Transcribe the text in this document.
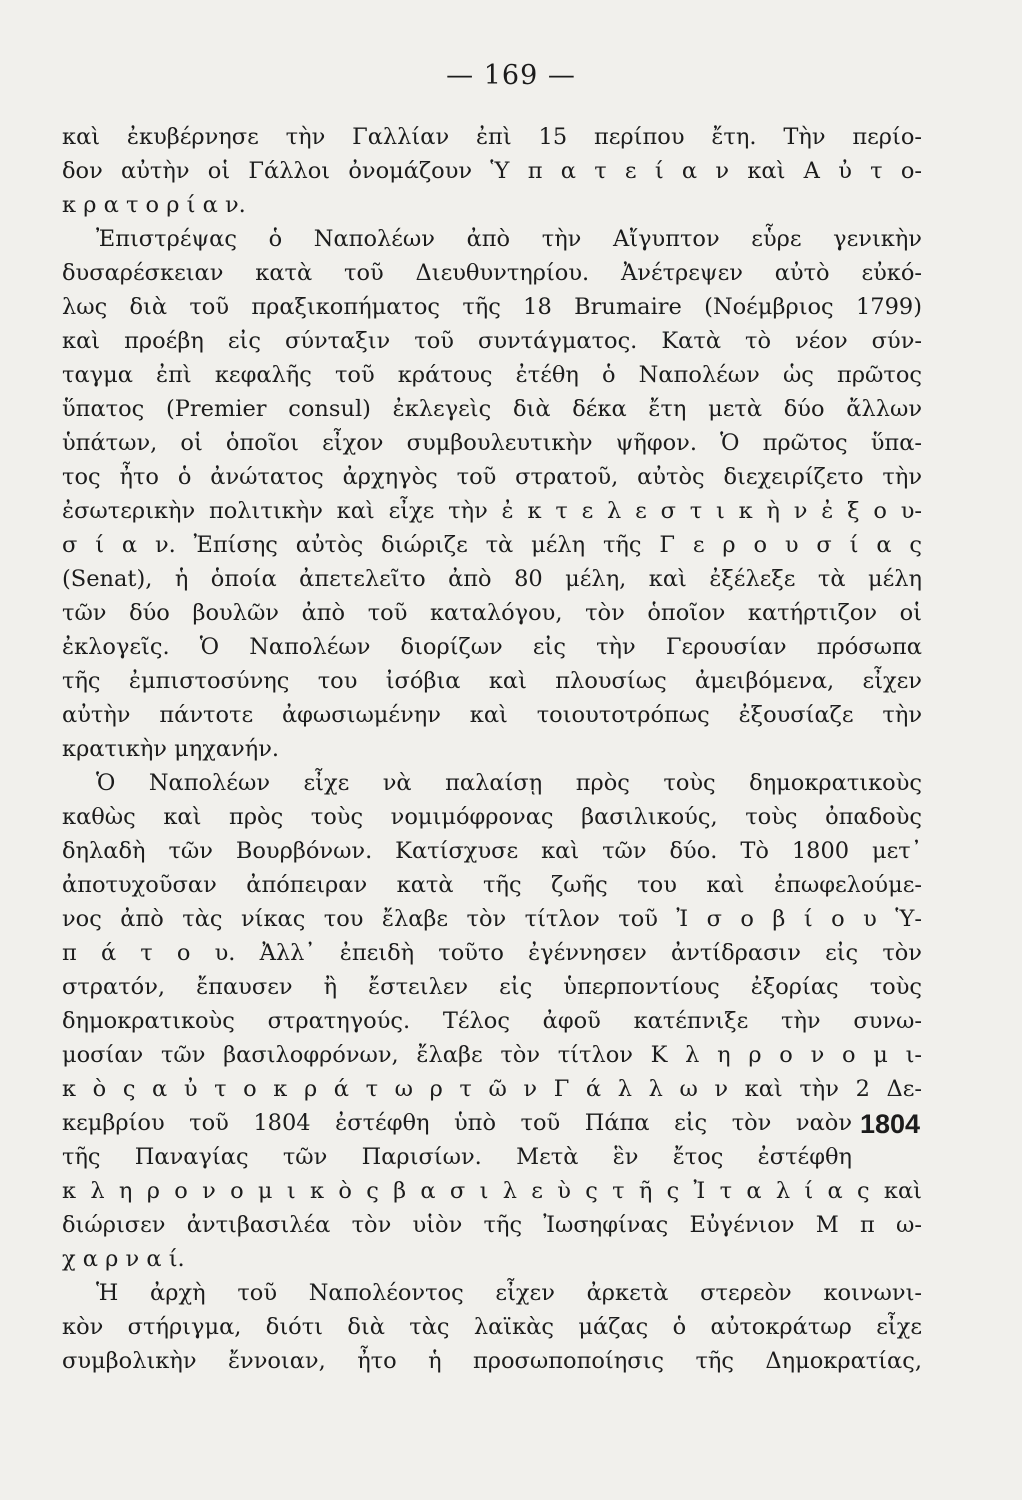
— 169 —
καὶ ἐκυβέρνησε τὴν Γαλλίαν ἐπὶ 15 περίπου ἔτη. Τὴν περίο-
δον αὐτὴν οἱ Γάλλοι ὀνομάζουν Ὑ π α τ ε ί α ν καὶ Α ὐ τ ο-
κ ρ α τ ο ρ ί α ν.
Ἐπιστρέψας ὁ Ναπολέων ἀπὸ τὴν Αἴγυπτον εὗρε γενικὴν
δυσαρέσκειαν κατὰ τοῦ Διευθυντηρίου. Ἀνέτρεψεν αὐτὸ εὐκό-
λως διὰ τοῦ πραξικοπήματος τῆς 18 Brumaire (Νοέμβριος 1799)
καὶ προέβη εἰς σύνταξιν τοῦ συντάγματος. Κατὰ τὸ νέον σύν-
ταγμα ἐπὶ κεφαλῆς τοῦ κράτους ἐτέθη ὁ Ναπολέων ὡς πρῶτος
ὕπατος (Premier consul) ἐκλεγεὶς διὰ δέκα ἔτη μετὰ δύο ἄλλων
ὑπάτων, οἱ ὁποῖοι εἶχον συμβουλευτικὴν ψῆφον. Ὁ πρῶτος ὕπα-
τος ἦτο ὁ ἀνώτατος ἀρχηγὸς τοῦ στρατοῦ, αὐτὸς διεχειρίζετο τὴν
ἐσωτερικὴν πολιτικὴν καὶ εἶχε τὴν ἐ κ τ ε λ ε σ τ ι κ ὴ ν ἐ ξ ο υ-
σ ί α ν. Ἐπίσης αὐτὸς διώριζε τὰ μέλη τῆς Γ ε ρ ο υ σ ί α ς
(Senat), ἡ ὁποία ἀπετελεῖτο ἀπὸ 80 μέλη, καὶ ἐξέλεξε τὰ μέλη
τῶν δύο βουλῶν ἀπὸ τοῦ καταλόγου, τὸν ὁποῖον κατήρτιζον οἱ
ἐκλογεῖς. Ὁ Ναπολέων διορίζων εἰς τὴν Γερουσίαν πρόσωπα
τῆς ἐμπιστοσύνης του ἰσόβια καὶ πλουσίως ἀμειβόμενα, εἶχεν
αὐτὴν πάντοτε ἀφωσιωμένην καὶ τοιουτοτρόπως ἐξουσίαζε τὴν
κρατικὴν μηχανήν.
Ὁ Ναπολέων εἶχε νὰ παλαίσῃ πρὸς τοὺς δημοκρατικοὺς
καθὼς καὶ πρὸς τοὺς νομιμόφρονας βασιλικούς, τοὺς ὀπαδοὺς
δηλαδὴ τῶν Βουρβόνων. Κατίσχυσε καὶ τῶν δύο. Τὸ 1800 μετ᾿
ἀποτυχοῦσαν ἀπόπειραν κατὰ τῆς ζωῆς του καὶ ἐπωφελούμε-
νος ἀπὸ τὰς νίκας του ἔλαβε τὸν τίτλον τοῦ Ἰ σ ο β ί ο υ Ὑ-
π ά τ ο υ. Ἀλλ᾿ ἐπειδὴ τοῦτο ἐγέννησεν ἀντίδρασιν εἰς τὸν
στρατόν, ἔπαυσεν ἢ ἔστειλεν εἰς ὑπερποντίους ἐξορίας τοὺς
δημοκρατικοὺς στρατηγούς. Τέλος ἀφοῦ κατέπνιξε τὴν συνω-
μοσίαν τῶν βασιλοφρόνων, ἔλαβε τὸν τίτλον Κ λ η ρ ο ν ο μ ι-
κ ὸ ς α ὐ τ ο κ ρ ά τ ω ρ τ ῶ ν Γ ά λ λ ω ν καὶ τὴν 2 Δε-
κεμβρίου τοῦ 1804 ἐστέφθη ὑπὸ τοῦ Πάπα εἰς τὸν ναὸν
τῆς Παναγίας τῶν Παρισίων. Μετὰ ἓν ἔτος ἐστέφθη
κ λ η ρ ο ν ο μ ι κ ὸ ς β α σ ι λ ε ὺ ς τ ῆ ς Ἰ τ α λ ί α ς καὶ
διώρισεν ἀντιβασιλέα τὸν υἱὸν τῆς Ἰωσηφίνας Εὐγένιον Μ π ω-
χ α ρ ν α ί.
Ἡ ἀρχὴ τοῦ Ναπολέοντος εἶχεν ἀρκετὰ στερεὸν κοινωνι-
κὸν στήριγμα, διότι διὰ τὰς λαϊκὰς μάζας ὁ αὐτοκράτωρ εἶχε
συμβολικὴν ἔννοιαν, ἦτο ἡ προσωποποίησις τῆς Δημοκρατίας,
1804
